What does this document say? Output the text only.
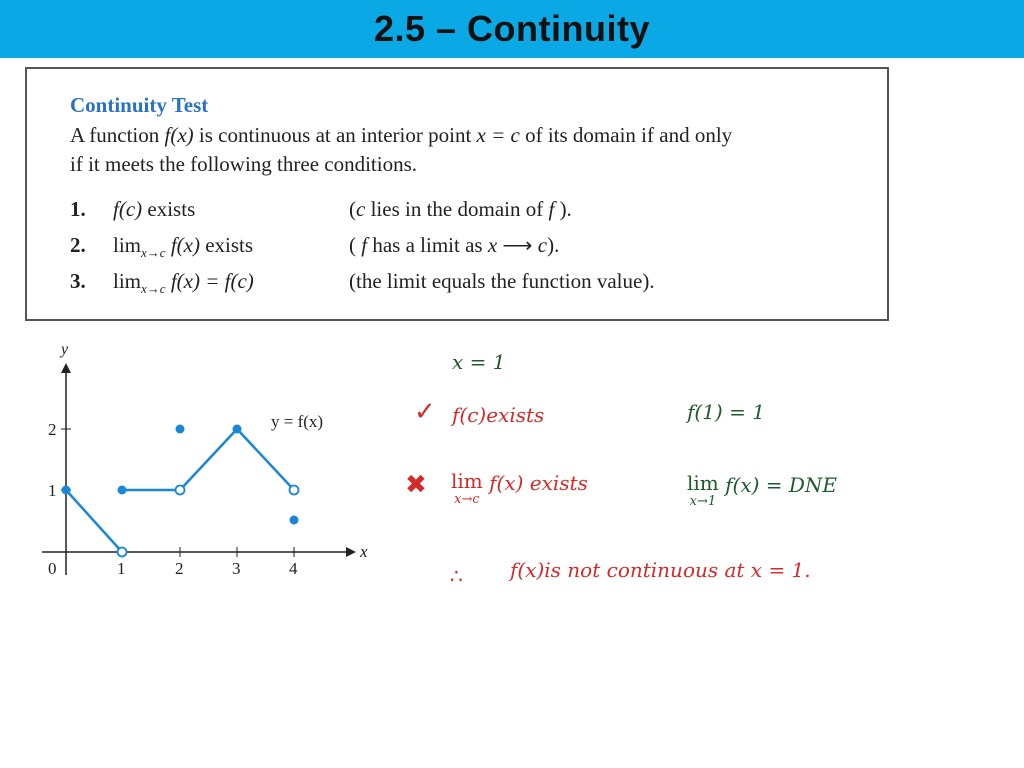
2.5 – Continuity
Continuity Test
A function f(x) is continuous at an interior point x = c of its domain if and only
if it meets the following three conditions.
1. f(c) exists	(c lies in the domain of f ).
2. $\lim_{x\to c} f(x)$ exists	( f has a limit as x ⟶ c).
3. $\lim_{x\to c} f(x) = f(c)$	(the limit equals the function value).
y
x
y = f(x)
0	1	2	3	4
1
2
x = 1
✓ f(c)exists	f(1) = 1
✖ lim
x→c
f(x) exists	lim
x→1
f(x) = DNE
∴ f(x)is not continuous at x = 1.
